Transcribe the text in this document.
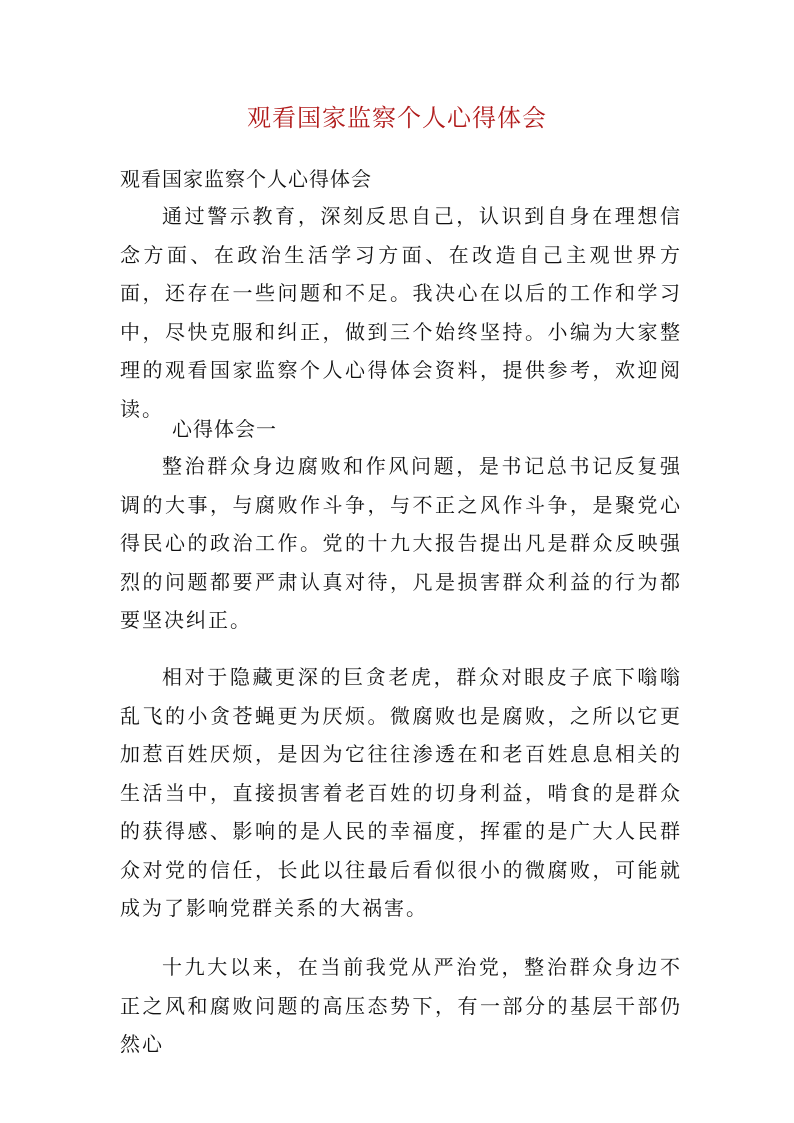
观看国家监察个人心得体会
观看国家监察个人心得体会
通过警示教育，深刻反思自己，认识到自身在理想信念方面、在政治生活学习方面、在改造自己主观世界方面，还存在一些问题和不足。我决心在以后的工作和学习中，尽快克服和纠正，做到三个始终坚持。小编为大家整理的观看国家监察个人心得体会资料，提供参考，欢迎阅读。
心得体会一
整治群众身边腐败和作风问题，是书记总书记反复强调的大事，与腐败作斗争，与不正之风作斗争，是聚党心得民心的政治工作。党的十九大报告提出凡是群众反映强烈的问题都要严肃认真对待，凡是损害群众利益的行为都要坚决纠正。
相对于隐藏更深的巨贪老虎，群众对眼皮子底下嗡嗡乱飞的小贪苍蝇更为厌烦。微腐败也是腐败，之所以它更加惹百姓厌烦，是因为它往往渗透在和老百姓息息相关的生活当中，直接损害着老百姓的切身利益，啃食的是群众的获得感、影响的是人民的幸福度，挥霍的是广大人民群众对党的信任，长此以往最后看似很小的微腐败，可能就成为了影响党群关系的大祸害。
十九大以来，在当前我党从严治党，整治群众身边不正之风和腐败问题的高压态势下，有一部分的基层干部仍然心
